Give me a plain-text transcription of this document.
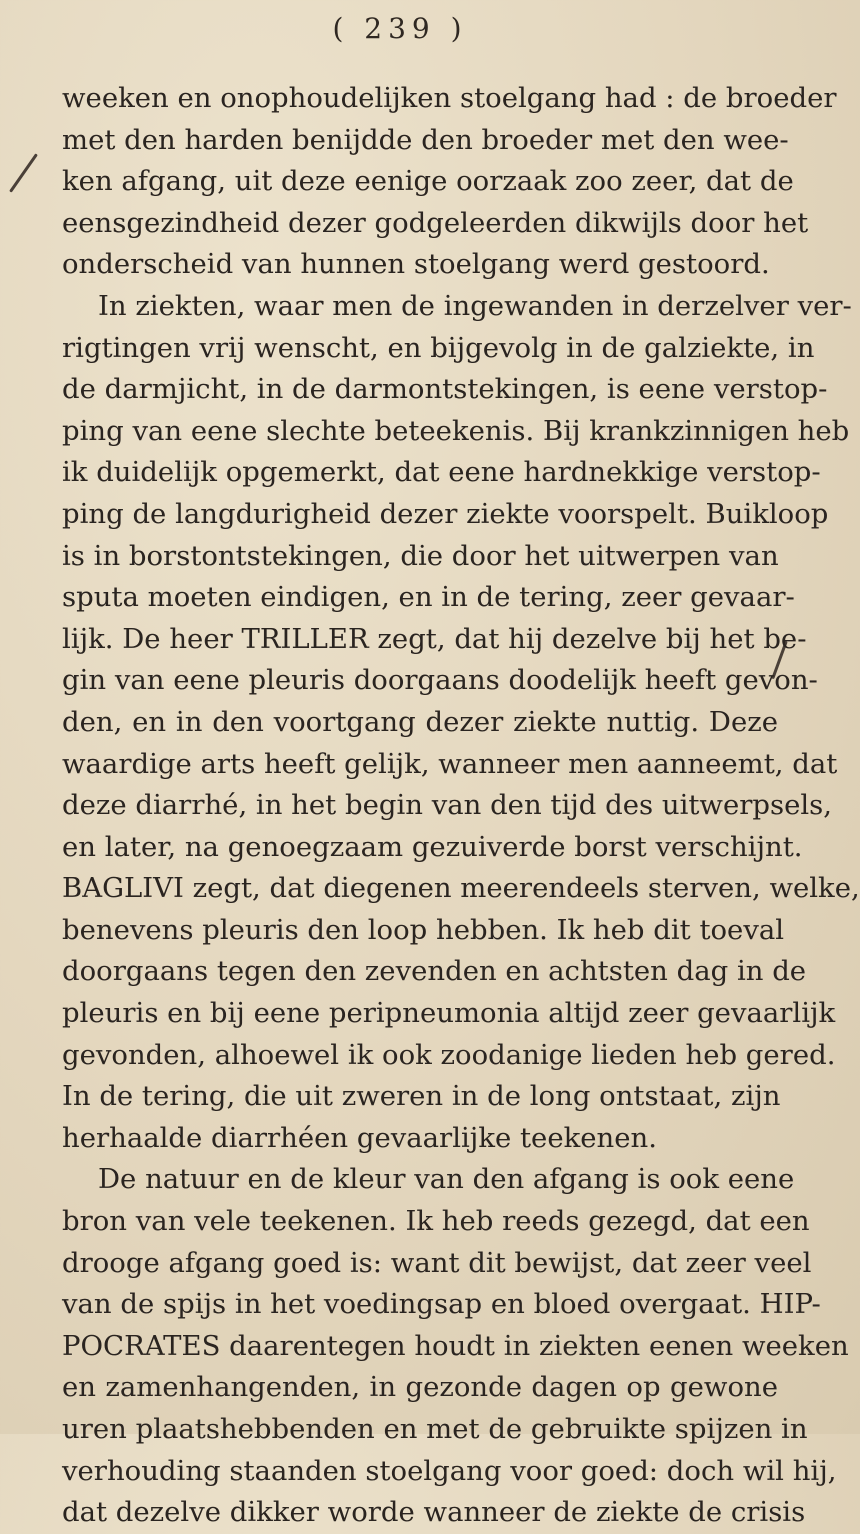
( 239 )
weeken en onophoudelijken stoelgang had : de broeder
met den harden benijdde den broeder met den wee-
ken afgang, uit deze eenige oorzaak zoo zeer, dat de
eensgezindheid dezer godgeleerden dikwijls door het
onderscheid van hunnen stoelgang werd gestoord.
In ziekten, waar men de ingewanden in derzelver ver-
rigtingen vrij wenscht, en bijgevolg in de galziekte, in
de darmjicht, in de darmontstekingen, is eene verstop-
ping van eene slechte beteekenis. Bij krankzinnigen heb
ik duidelijk opgemerkt, dat eene hardnekkige verstop-
ping de langdurigheid dezer ziekte voorspelt. Buikloop
is in borstontstekingen, die door het uitwerpen van
sputa moeten eindigen, en in de tering, zeer gevaar-
lijk. De heer TRILLER zegt, dat hij dezelve bij het be-
gin van eene pleuris doorgaans doodelijk heeft gevon-
den, en in den voortgang dezer ziekte nuttig. Deze
waardige arts heeft gelijk, wanneer men aanneemt, dat
deze diarrhé, in het begin van den tijd des uitwerpsels,
en later, na genoegzaam gezuiverde borst verschijnt.
BAGLIVI zegt, dat diegenen meerendeels sterven, welke,
benevens pleuris den loop hebben. Ik heb dit toeval
doorgaans tegen den zevenden en achtsten dag in de
pleuris en bij eene peripneumonia altijd zeer gevaarlijk
gevonden, alhoewel ik ook zoodanige lieden heb gered.
In de tering, die uit zweren in de long ontstaat, zijn
herhaalde diarrhéen gevaarlijke teekenen.
De natuur en de kleur van den afgang is ook eene
bron van vele teekenen. Ik heb reeds gezegd, dat een
drooge afgang goed is: want dit bewijst, dat zeer veel
van de spijs in het voedingsap en bloed overgaat. HIP-
POCRATES daarentegen houdt in ziekten eenen weeken
en zamenhangenden, in gezonde dagen op gewone
uren plaatshebbenden en met de gebruikte spijzen in
verhouding staanden stoelgang voor goed: doch wil hij,
dat dezelve dikker worde wanneer de ziekte de crisis
